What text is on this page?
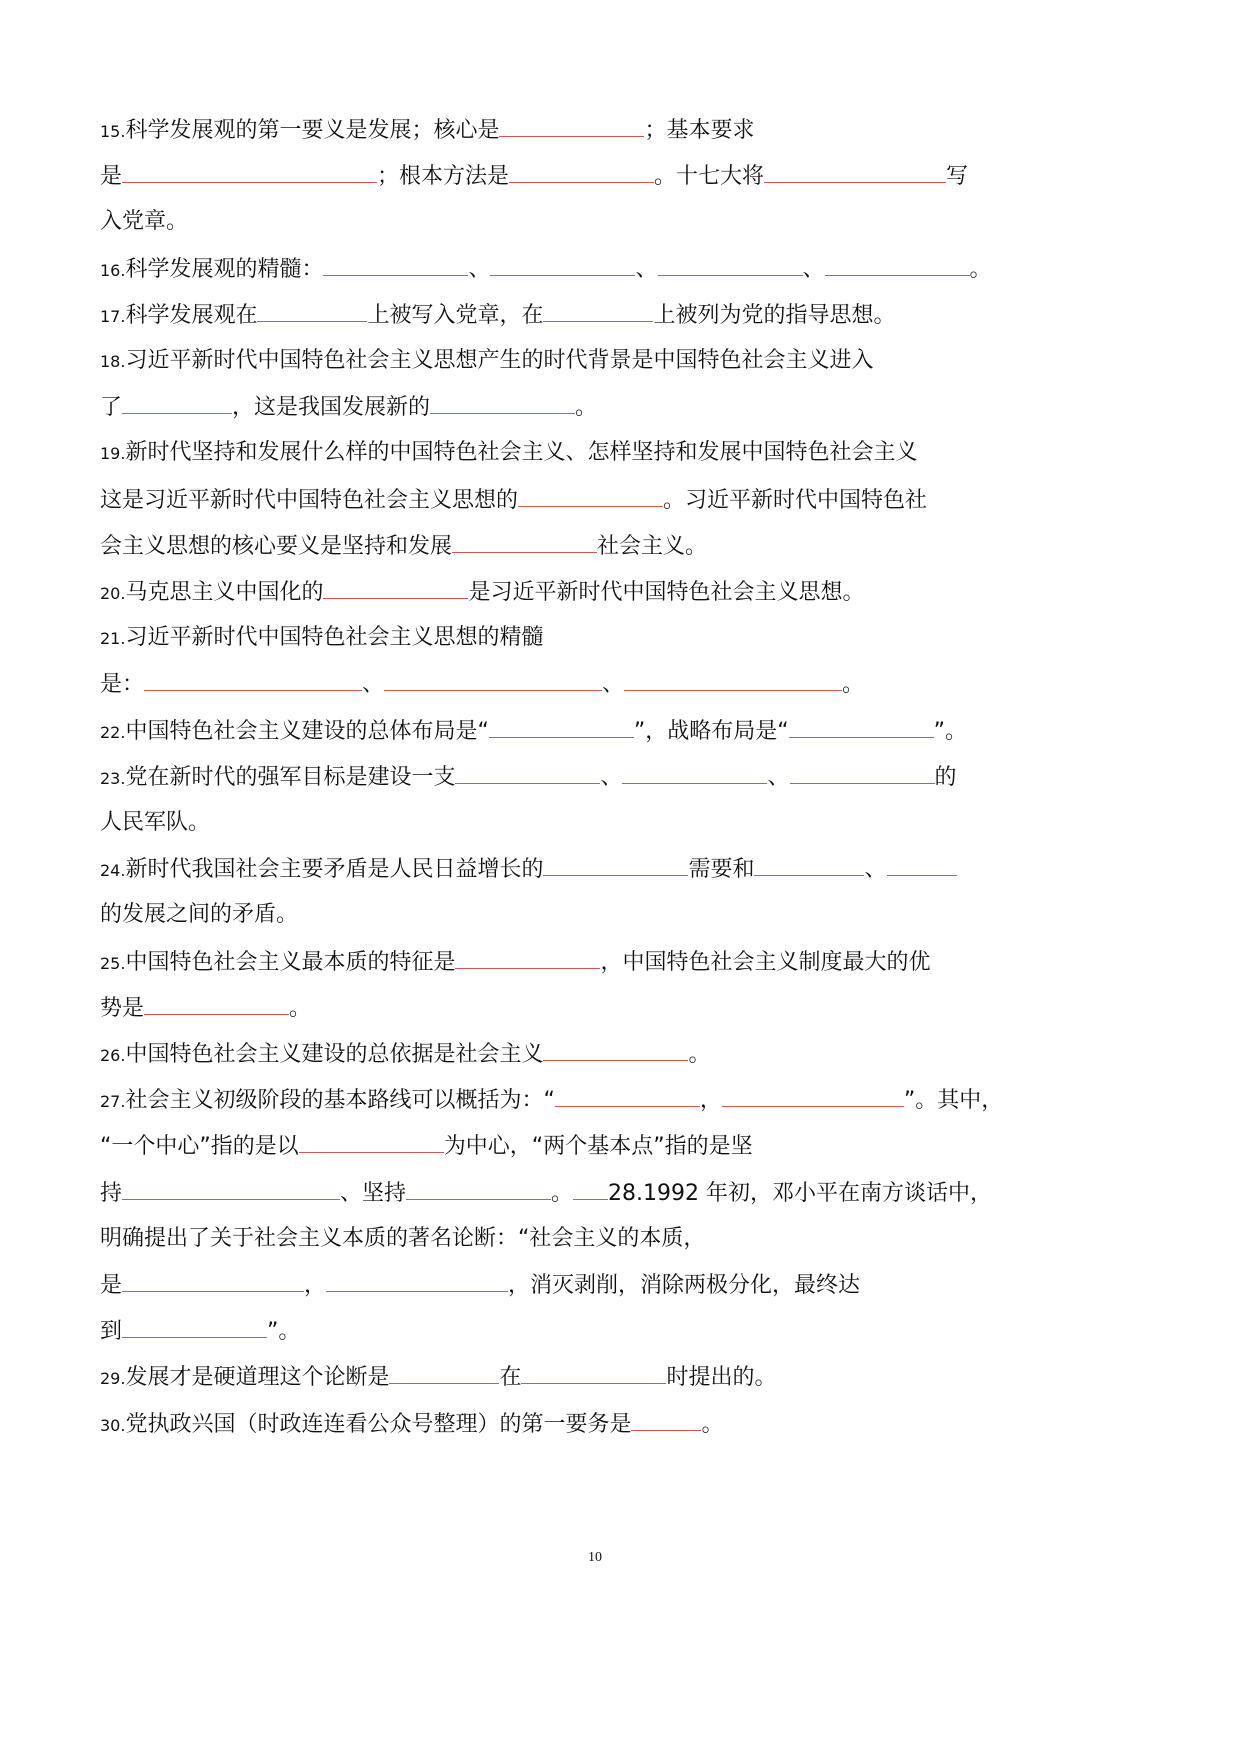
15.科学发展观的第一要义是发展；核心是	；基本要求
是	；根本方法是	。十七大将	写
入党章。
16.科学发展观的精髓：	、	、	、	。
17.科学发展观在	上被写入党章，在	上被列为党的指导思想。
18.习近平新时代中国特色社会主义思想产生的时代背景是中国特色社会主义进入
了	，这是我国发展新的	。
19.新时代坚持和发展什么样的中国特色社会主义、怎样坚持和发展中国特色社会主义
这是习近平新时代中国特色社会主义思想的	。习近平新时代中国特色社
会主义思想的核心要义是坚持和发展	社会主义。
20.马克思主义中国化的	是习近平新时代中国特色社会主义思想。
21.习近平新时代中国特色社会主义思想的精髓
是：	、	、	。
22.中国特色社会主义建设的总体布局是“	”，战略布局是“	”。
23.党在新时代的强军目标是建设一支	、	、	的
人民军队。
24.新时代我国社会主要矛盾是人民日益增长的	需要和	、
的发展之间的矛盾。
25.中国特色社会主义最本质的特征是	，中国特色社会主义制度最大的优
势是	。
26.中国特色社会主义建设的总依据是社会主义	。
27.社会主义初级阶段的基本路线可以概括为：“	，	”。其中，
“一个中心”指的是以	为中心，“两个基本点”指的是坚
持	、坚持	。 28.1992 年初，邓小平在南方谈话中，
明确提出了关于社会主义本质的著名论断：“社会主义的本质，
是	，	，消灭剥削，消除两极分化，最终达
到	”。
29.发展才是硬道理这个论断是	在	时提出的。
30.党执政兴国（时政连连看公众号整理）的第一要务是	。
10
